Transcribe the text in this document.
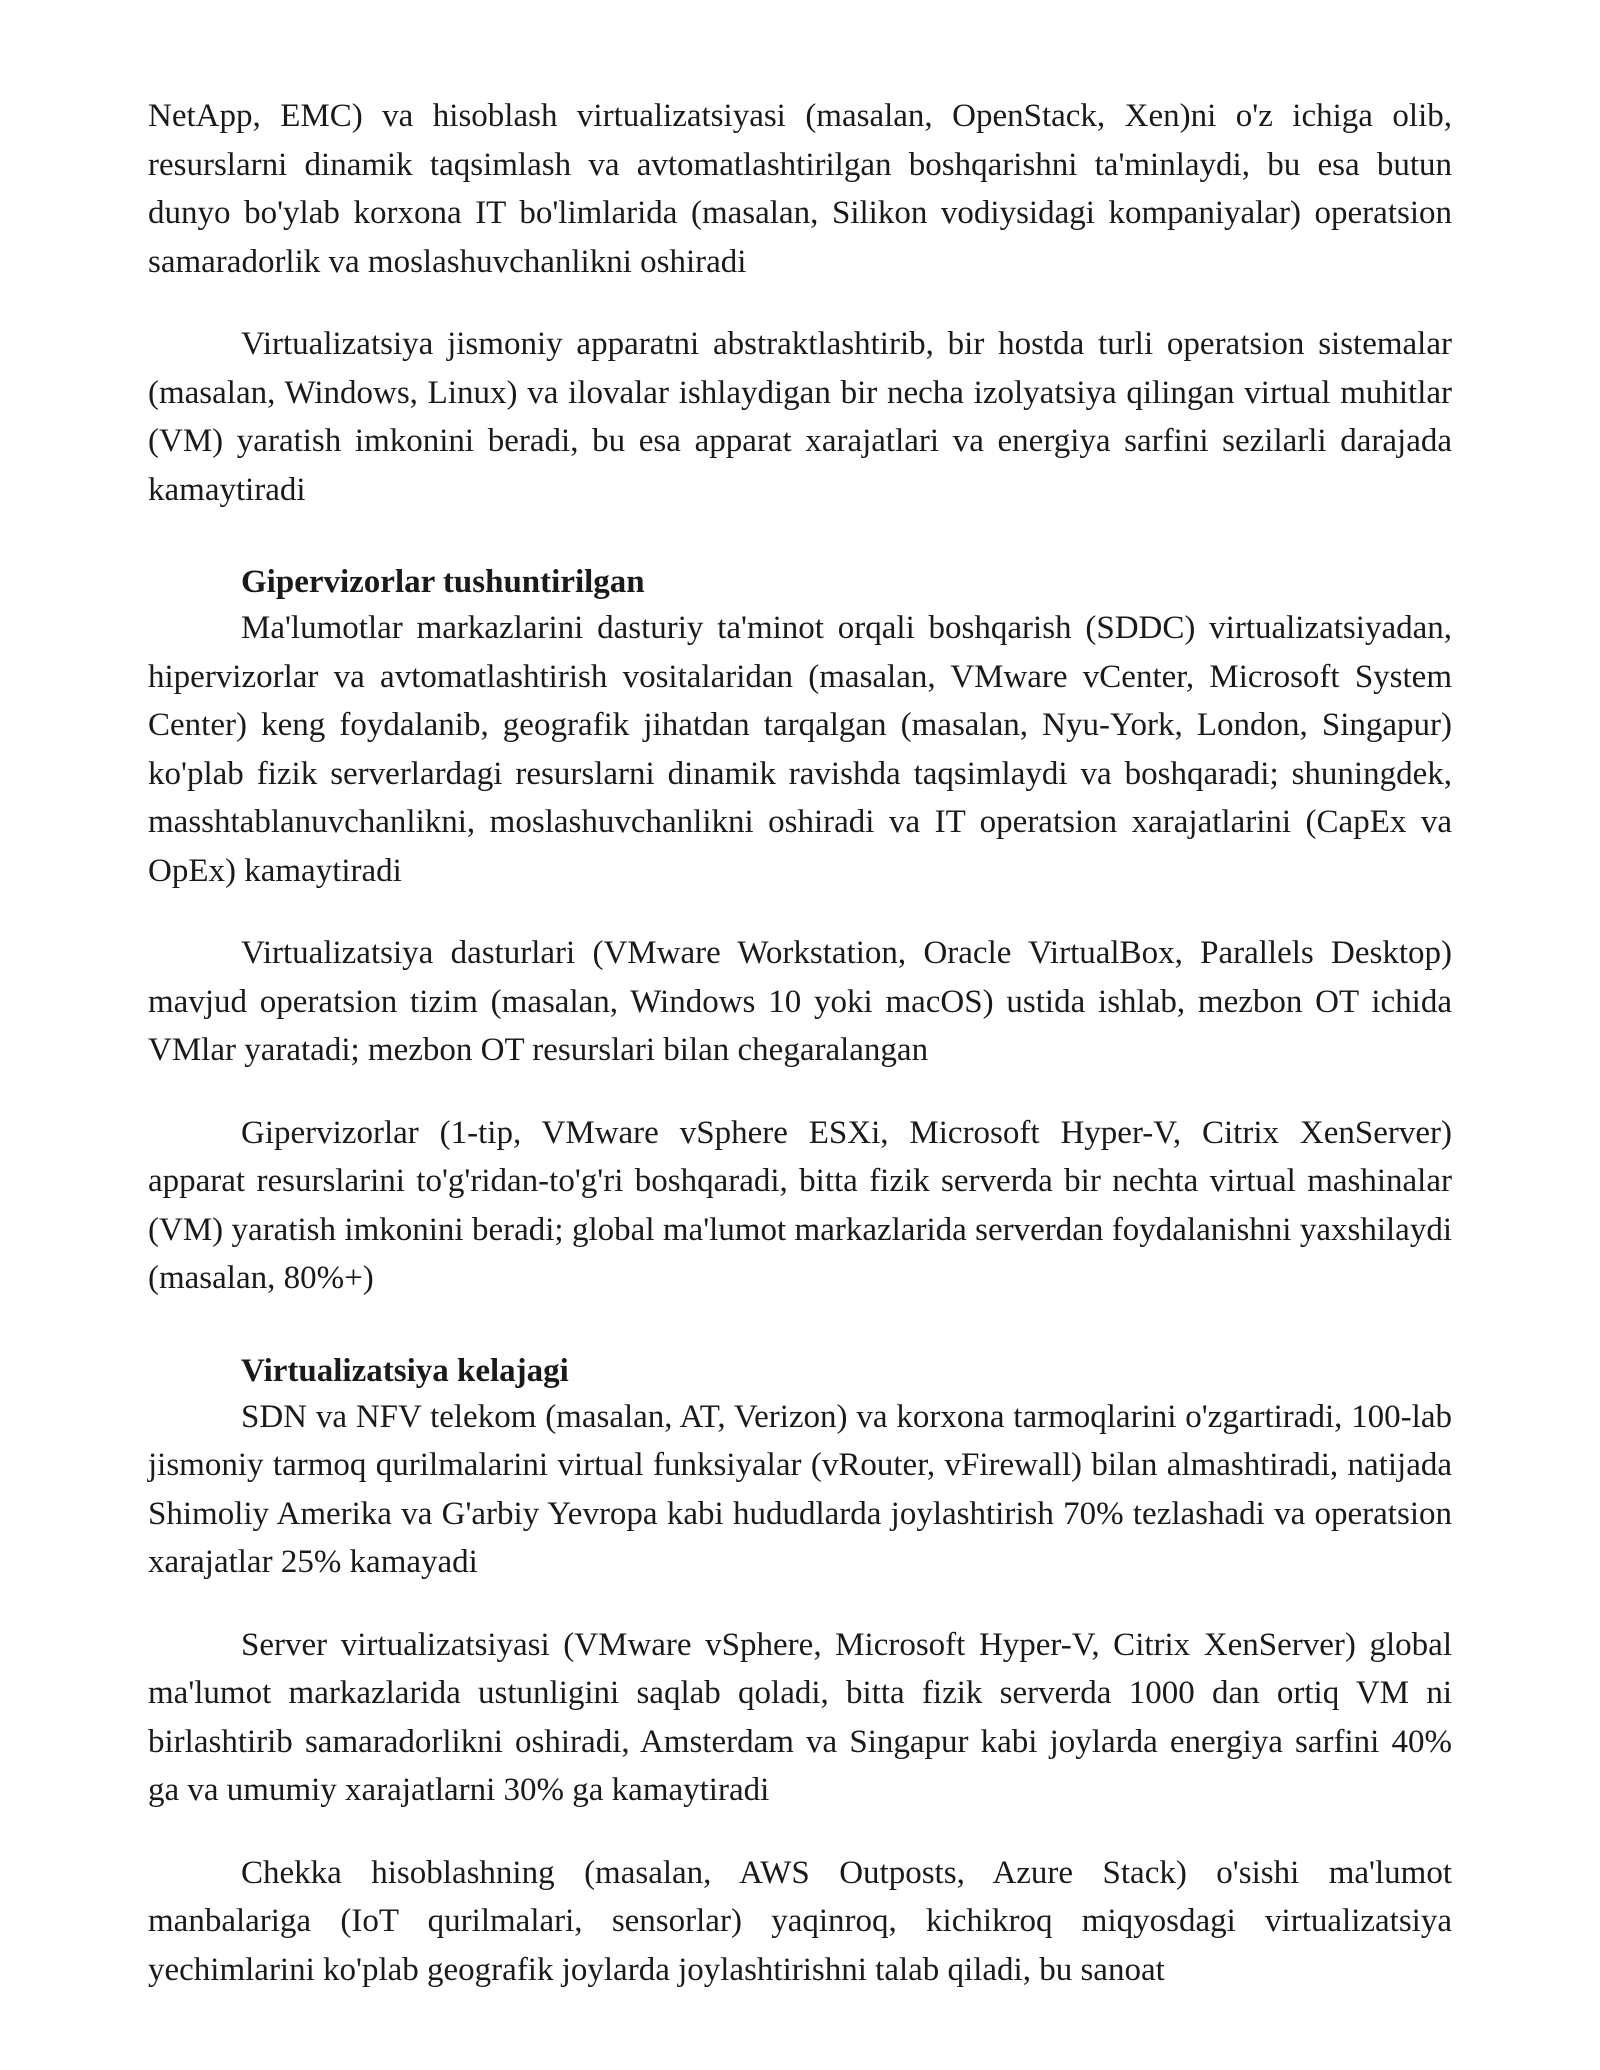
NetApp, EMC) va hisoblash virtualizatsiyasi (masalan, OpenStack, Xen)ni o'z ichiga olib, resurslarni dinamik taqsimlash va avtomatlashtirilgan boshqarishni ta'minlaydi, bu esa butun dunyo bo'ylab korxona IT bo'limlarida (masalan, Silikon vodiysidagi kompaniyalar) operatsion samaradorlik va moslashuvchanlikni oshiradi

Virtualizatsiya jismoniy apparatni abstraktlashtirib, bir hostda turli operatsion sistemalar (masalan, Windows, Linux) va ilovalar ishlaydigan bir necha izolyatsiya qilingan virtual muhitlar (VM) yaratish imkonini beradi, bu esa apparat xarajatlari va energiya sarfini sezilarli darajada kamaytiradi

Gipervizorlar tushuntirilgan

Ma'lumotlar markazlarini dasturiy ta'minot orqali boshqarish (SDDC) virtualizatsiyadan, hipervizorlar va avtomatlashtirish vositalaridan (masalan, VMware vCenter, Microsoft System Center) keng foydalanib, geografik jihatdan tarqalgan (masalan, Nyu-York, London, Singapur) ko'plab fizik serverlardagi resurslarni dinamik ravishda taqsimlaydi va boshqaradi; shuningdek, masshtablanuvchanlikni, moslashuvchanlikni oshiradi va IT operatsion xarajatlarini (CapEx va OpEx) kamaytiradi

Virtualizatsiya dasturlari (VMware Workstation, Oracle VirtualBox, Parallels Desktop) mavjud operatsion tizim (masalan, Windows 10 yoki macOS) ustida ishlab, mezbon OT ichida VMlar yaratadi; mezbon OT resurslari bilan chegaralangan

Gipervizorlar (1-tip, VMware vSphere ESXi, Microsoft Hyper-V, Citrix XenServer) apparat resurslarini to'g'ridan-to'g'ri boshqaradi, bitta fizik serverda bir nechta virtual mashinalar (VM) yaratish imkonini beradi; global ma'lumot markazlarida serverdan foydalanishni yaxshilaydi (masalan, 80%+)

Virtualizatsiya kelajagi

SDN va NFV telekom (masalan, AT, Verizon) va korxona tarmoqlarini o'zgartiradi, 100-lab jismoniy tarmoq qurilmalarini virtual funksiyalar (vRouter, vFirewall) bilan almashtiradi, natijada Shimoliy Amerika va G'arbiy Yevropa kabi hududlarda joylashtirish 70% tezlashadi va operatsion xarajatlar 25% kamayadi

Server virtualizatsiyasi (VMware vSphere, Microsoft Hyper-V, Citrix XenServer) global ma'lumot markazlarida ustunligini saqlab qoladi, bitta fizik serverda 1000 dan ortiq VM ni birlashtirib samaradorlikni oshiradi, Amsterdam va Singapur kabi joylarda energiya sarfini 40% ga va umumiy xarajatlarni 30% ga kamaytiradi

Chekka hisoblashning (masalan, AWS Outposts, Azure Stack) o'sishi ma'lumot manbalariga (IoT qurilmalari, sensorlar) yaqinroq, kichikroq miqyosdagi virtualizatsiya yechimlarini ko'plab geografik joylarda joylashtirishni talab qiladi, bu sanoat
